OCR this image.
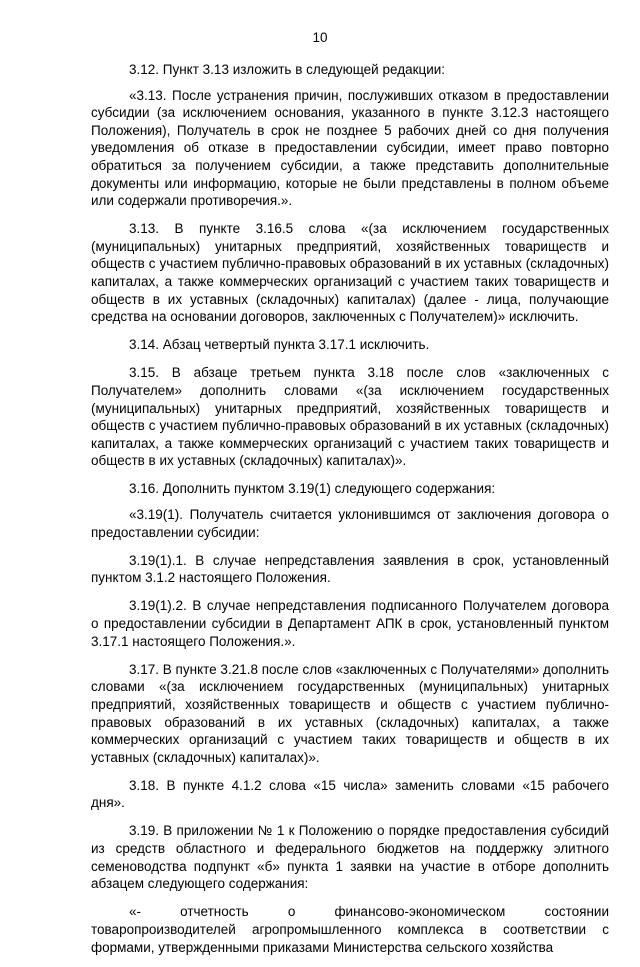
10

3.12. Пункт 3.13 изложить в следующей редакции:

«3.13. После устранения причин, послуживших отказом в предоставлении субсидии (за исключением основания, указанного в пункте 3.12.3 настоящего Положения), Получатель в срок не позднее 5 рабочих дней со дня получения уведомления об отказе в предоставлении субсидии, имеет право повторно обратиться за получением субсидии, а также представить дополнительные документы или информацию, которые не были представлены в полном объеме или содержали противоречия.».

3.13. В пункте 3.16.5 слова «(за исключением государственных (муниципальных) унитарных предприятий, хозяйственных товариществ и обществ с участием публично-правовых образований в их уставных (складочных) капиталах, а также коммерческих организаций с участием таких товариществ и обществ в их уставных (складочных) капиталах) (далее - лица, получающие средства на основании договоров, заключенных с Получателем)» исключить.

3.14. Абзац четвертый пункта 3.17.1 исключить.

3.15. В абзаце третьем пункта 3.18 после слов «заключенных с Получателем» дополнить словами «(за исключением государственных (муниципальных) унитарных предприятий, хозяйственных товариществ и обществ с участием публично-правовых образований в их уставных (складочных) капиталах, а также коммерческих организаций с участием таких товариществ и обществ в их уставных (складочных) капиталах)».

3.16. Дополнить пунктом 3.19(1) следующего содержания:

«3.19(1). Получатель считается уклонившимся от заключения договора о предоставлении субсидии:

3.19(1).1. В случае непредставления заявления в срок, установленный пунктом 3.1.2 настоящего Положения.

3.19(1).2. В случае непредставления подписанного Получателем договора о предоставлении субсидии в Департамент АПК в срок, установленный пунктом 3.17.1 настоящего Положения.».

3.17. В пункте 3.21.8 после слов «заключенных с Получателями» дополнить словами «(за исключением государственных (муниципальных) унитарных предприятий, хозяйственных товариществ и обществ с участием публично-правовых образований в их уставных (складочных) капиталах, а также коммерческих организаций с участием таких товариществ и обществ в их уставных (складочных) капиталах)».

3.18. В пункте 4.1.2 слова «15 числа» заменить словами «15 рабочего дня».

3.19. В приложении № 1 к Положению о порядке предоставления субсидий из средств областного и федерального бюджетов на поддержку элитного семеноводства подпункт «б» пункта 1 заявки на участие в отборе дополнить абзацем следующего содержания:

«- отчетность о финансово-экономическом состоянии товаропроизводителей агропромышленного комплекса в соответствии с формами, утвержденными приказами Министерства сельского хозяйства
